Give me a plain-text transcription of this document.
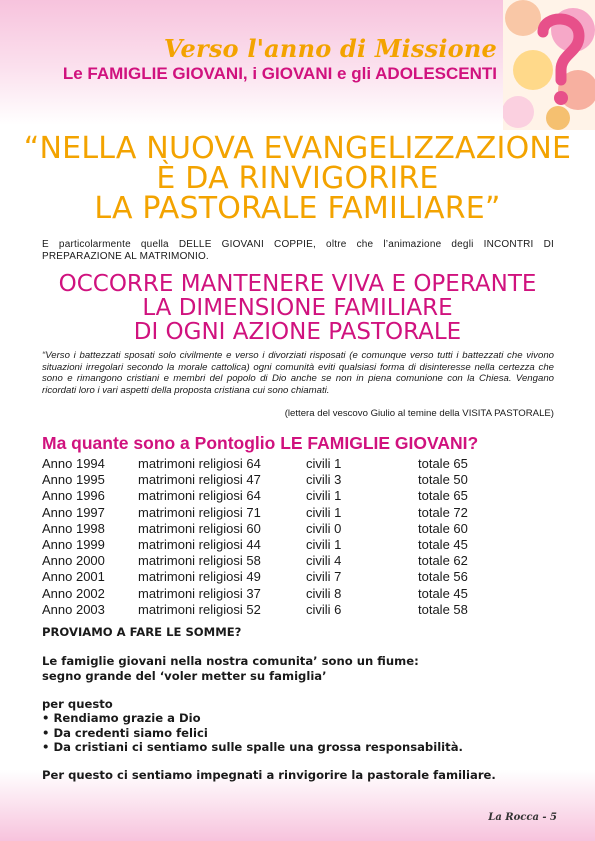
Verso l'anno di Missione
Le FAMIGLIE GIOVANI, i GIOVANI e gli ADOLESCENTI
“NELLA NUOVA EVANGELIZZAZIONE
È DA RINVIGORIRE
LA PASTORALE FAMILIARE”
E particolarmente quella DELLE GIOVANI COPPIE, oltre che l’animazione degli INCONTRI DI PREPARAZIONE AL MATRIMONIO.
OCCORRE MANTENERE VIVA E OPERANTE
LA DIMENSIONE FAMILIARE
DI OGNI AZIONE PASTORALE
“Verso i battezzati sposati solo civilmente e verso i divorziati risposati (e comunque verso tutti i battezzati che vivono situazioni irregolari secondo la morale cattolica) ogni comunità eviti qualsiasi forma di disinteresse nella certezza che sono e rimangono cristiani e membri del popolo di Dio anche se non in piena comunione con la Chiesa. Vengano ricordati loro i vari aspetti della proposta cristiana cui sono chiamati.
(lettera del vescovo Giulio al temine della VISITA PASTORALE)
Ma quante sono a Pontoglio LE FAMIGLIE GIOVANI?
Anno 1994	matrimoni religiosi 64	civili 1	totale 65
Anno 1995	matrimoni religiosi 47	civili 3	totale 50
Anno 1996	matrimoni religiosi 64	civili 1	totale 65
Anno 1997	matrimoni religiosi 71	civili 1	totale 72
Anno 1998	matrimoni religiosi 60	civili 0	totale 60
Anno 1999	matrimoni religiosi 44	civili 1	totale 45
Anno 2000	matrimoni religiosi 58	civili 4	totale 62
Anno 2001	matrimoni religiosi 49	civili 7	totale 56
Anno 2002	matrimoni religiosi 37	civili 8	totale 45
Anno 2003	matrimoni religiosi 52	civili 6	totale 58
PROVIAMO A FARE LE SOMME?
Le famiglie giovani nella nostra comunita’ sono un fiume:
segno grande del ‘voler metter su famiglia’
per questo
• Rendiamo grazie a Dio
• Da credenti siamo felici
• Da cristiani ci sentiamo sulle spalle una grossa responsabilità.
Per questo ci sentiamo impegnati a rinvigorire la pastorale familiare.
La Rocca - 5
